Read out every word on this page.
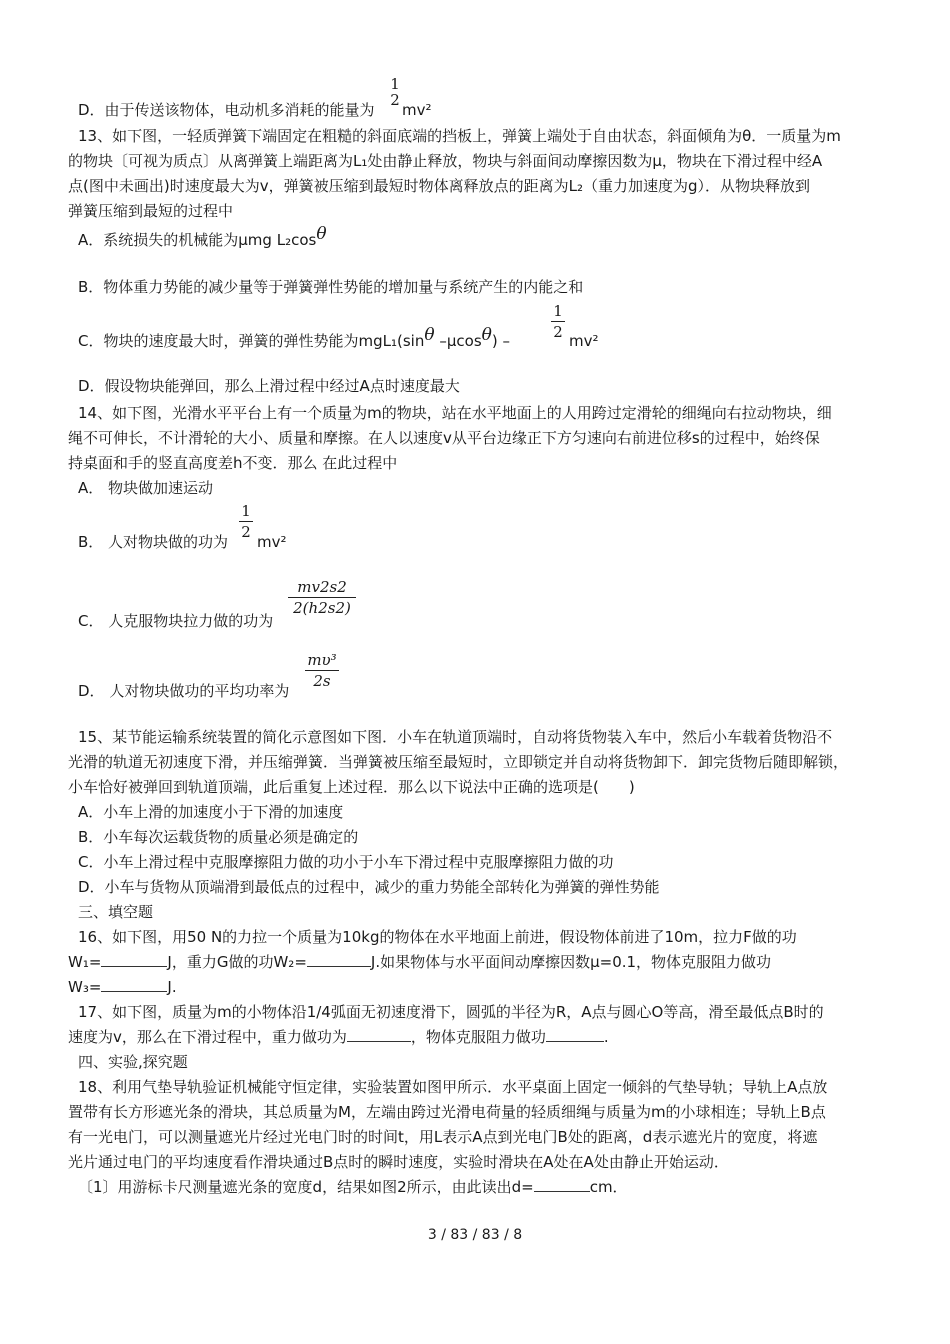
D．由于传送该物体，电动机多消耗的能量为
1
2
mv²
13、如下图，一轻质弹簧下端固定在粗糙的斜面底端的挡板上，弹簧上端处于自由状态，斜面倾角为θ．一质量为m
的物块〔可视为质点〕从离弹簧上端距离为L₁处由静止释放，物块与斜面间动摩擦因数为μ，物块在下滑过程中经A
点(图中未画出)时速度最大为v，弹簧被压缩到最短时物体离释放点的距离为L₂（重力加速度为g）．从物块释放到
弹簧压缩到最短的过程中
A．系统损失的机械能为μmg L₂cosθ
B．物体重力势能的减少量等于弹簧弹性势能的增加量与系统产生的内能之和
C．物块的速度最大时，弹簧的弹性势能为mgL₁(sinθ –μcosθ) –
1
2 mv²
D．假设物块能弹回，那么上滑过程中经过A点时速度最大
14、如下图，光滑水平平台上有一个质量为m的物块，站在水平地面上的人用跨过定滑轮的细绳向右拉动物块，细
绳不可伸长，不计滑轮的大小、质量和摩擦。在人以速度v从平台边缘正下方匀速向右前进位移s的过程中，始终保
持桌面和手的竖直高度差h不变．那么 在此过程中
A． 物块做加速运动
B． 人对物块做的功为
1
2
mv²
C． 人克服物块拉力做的功为
mv2s2
2(h2s2)
D． 人对物块做功的平均功率为
mυ³
2s
15、某节能运输系统装置的简化示意图如下图．小车在轨道顶端时，自动将货物装入车中，然后小车载着货物沿不
光滑的轨道无初速度下滑，并压缩弹簧．当弹簧被压缩至最短时，立即锁定并自动将货物卸下．卸完货物后随即解锁，
小车恰好被弹回到轨道顶端，此后重复上述过程．那么以下说法中正确的选项是(　　)
A．小车上滑的加速度小于下滑的加速度
B．小车每次运载货物的质量必须是确定的
C．小车上滑过程中克服摩擦阻力做的功小于小车下滑过程中克服摩擦阻力做的功
D．小车与货物从顶端滑到最低点的过程中，减少的重力势能全部转化为弹簧的弹性势能
三、填空题
16、如下图，用50 N的力拉一个质量为10kg的物体在水平地面上前进，假设物体前进了10m，拉力F做的功
W₁=	J，重力G做的功W₂=	J.如果物体与水平面间动摩擦因数μ=0.1，物体克服阻力做功
W₃=	J.
17、如下图，质量为m的小物体沿1/4弧面无初速度滑下，圆弧的半径为R，A点与圆心O等高，滑至最低点B时的
速度为v，那么在下滑过程中，重力做功为	，物体克服阻力做功	.
四、实验,探究题
18、利用气垫导轨验证机械能守恒定律，实验装置如图甲所示．水平桌面上固定一倾斜的气垫导轨；导轨上A点放
置带有长方形遮光条的滑块，其总质量为M，左端由跨过光滑电荷量的轻质细绳与质量为m的小球相连；导轨上B点
有一光电门，可以测量遮光片经过光电门时的时间t，用L表示A点到光电门B处的距离，d表示遮光片的宽度，将遮
光片通过电门的平均速度看作滑块通过B点时的瞬时速度，实验时滑块在A处在A处由静止开始运动．
〔1〕用游标卡尺测量遮光条的宽度d，结果如图2所示，由此读出d=	cm．
3 / 83 / 83 / 8
